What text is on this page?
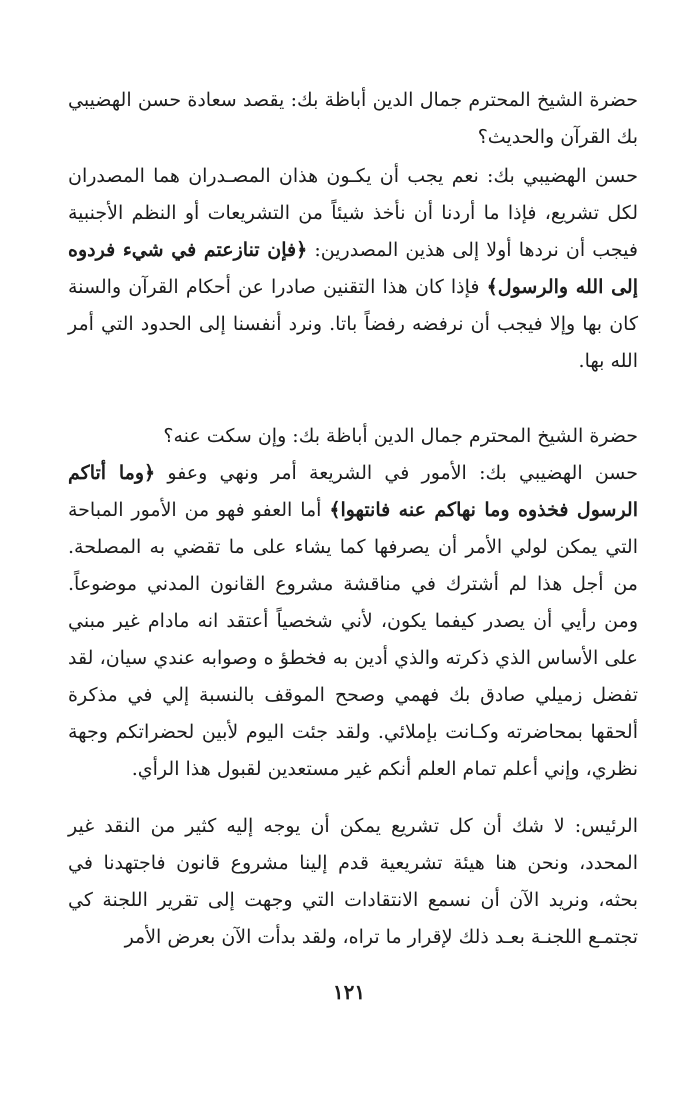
حضرة الشيخ المحترم جمال الدين أباظة بك: يقصد سعادة حسن الهضيبي بك القرآن والحديث؟

حسن الهضيبي بك: نعم يجب أن يكـون هذان المصـدران هما المصدران لكل تشريع، فإذا ما أردنا أن نأخذ شيئاً من التشريعات أو النظم الأجنبية فيجب أن نردها أولا إلى هذين المصدرين: ﴿فإن تنازعتم في شيء فردوه إلى الله والرسول﴾ فإذا كان هذا التقنين صادرا عن أحكام القرآن والسنة كان بها وإلا فيجب أن نرفضه رفضاً باتا. ونرد أنفسنا إلى الحدود التي أمر الله بها.

حضرة الشيخ المحترم جمال الدين أباظة بك: وإن سكت عنه؟
حسن الهضيبي بك: الأمور في الشريعة أمر ونهي وعفو ﴿وما أتاكم الرسول فخذوه وما نهاكم عنه فانتهوا﴾ أما العفو فهو من الأمور المباحة التي يمكن لولي الأمر أن يصرفها كما يشاء على ما تقضي به المصلحة. من أجل هذا لم أشترك في مناقشة مشروع القانون المدني موضوعاً. ومن رأيي أن يصدر كيفما يكون، لأني شخصياً أعتقد انه مادام غير مبني على الأساس الذي ذكرته والذي أدين به فخطؤ ه وصوابه عندي سيان، لقد تفضل زميلي صادق بك فهمي وصحح الموقف بالنسبة إلي في مذكرة ألحقها بمحاضرته وكـانت بإملائي. ولقد جئت اليوم لأبين لحضراتكم وجهة نظري، وإني أعلم تمام العلم أنكم غير مستعدين لقبول هذا الرأي.

الرئيس: لا شك أن كل تشريع يمكن أن يوجه إليه كثير من النقد غير المحدد، ونحن هنا هيئة تشريعية قدم إلينا مشروع قانون فاجتهدنا في بحثه، ونريد الآن أن نسمع الانتقادات التي وجهت إلى تقرير اللجنة كي تجتمـع اللجنـة بعـد ذلك لإقرار ما تراه، ولقد بدأت الآن بعرض الأمر

١٢١
